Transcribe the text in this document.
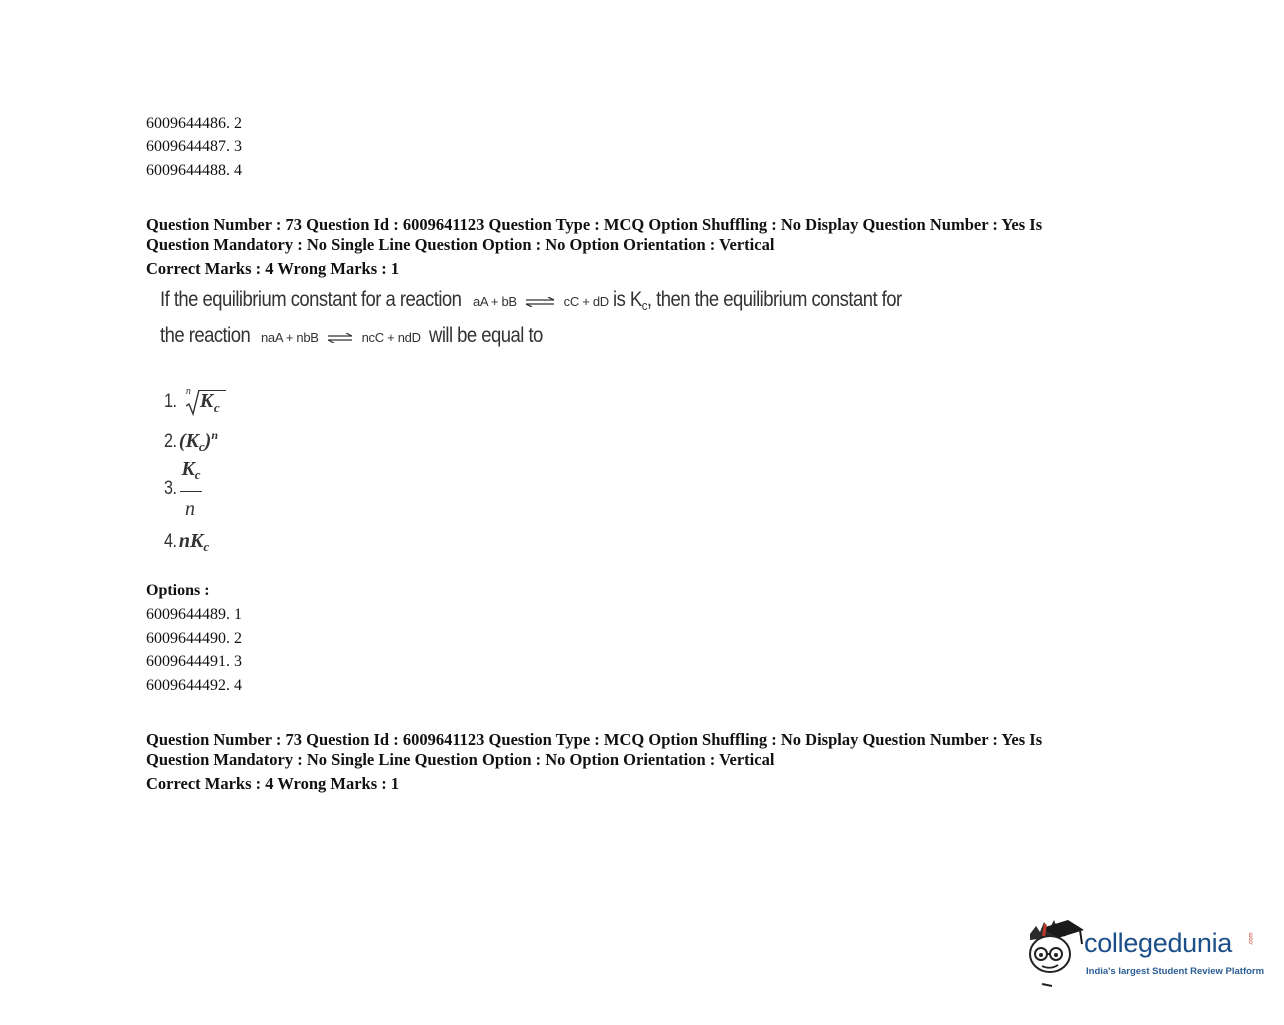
6009644486. 2
6009644487. 3
6009644488. 4
Question Number : 73 Question Id : 6009641123 Question Type : MCQ Option Shuffling : No Display Question Number : Yes Is
Question Mandatory : No Single Line Question Option : No Option Orientation : Vertical
Correct Marks : 4 Wrong Marks : 1
If the equilibrium constant for a reaction aA + bB ⇌ cC + dD is Kc, then the equilibrium constant for
the reaction naA + nbB ⇌ ncC + ndD will be equal to
1. n K c
2. $(K_c)^n$
3.
$K_c$
n
4. $nK_c$
Options :
6009644489. 1
6009644490. 2
6009644491. 3
6009644492. 4
Question Number : 73 Question Id : 6009641123 Question Type : MCQ Option Shuffling : No Display Question Number : Yes Is
Question Mandatory : No Single Line Question Option : No Option Orientation : Vertical
Correct Marks : 4 Wrong Marks : 1
collegedunia	.com
India's largest Student Review Platform
